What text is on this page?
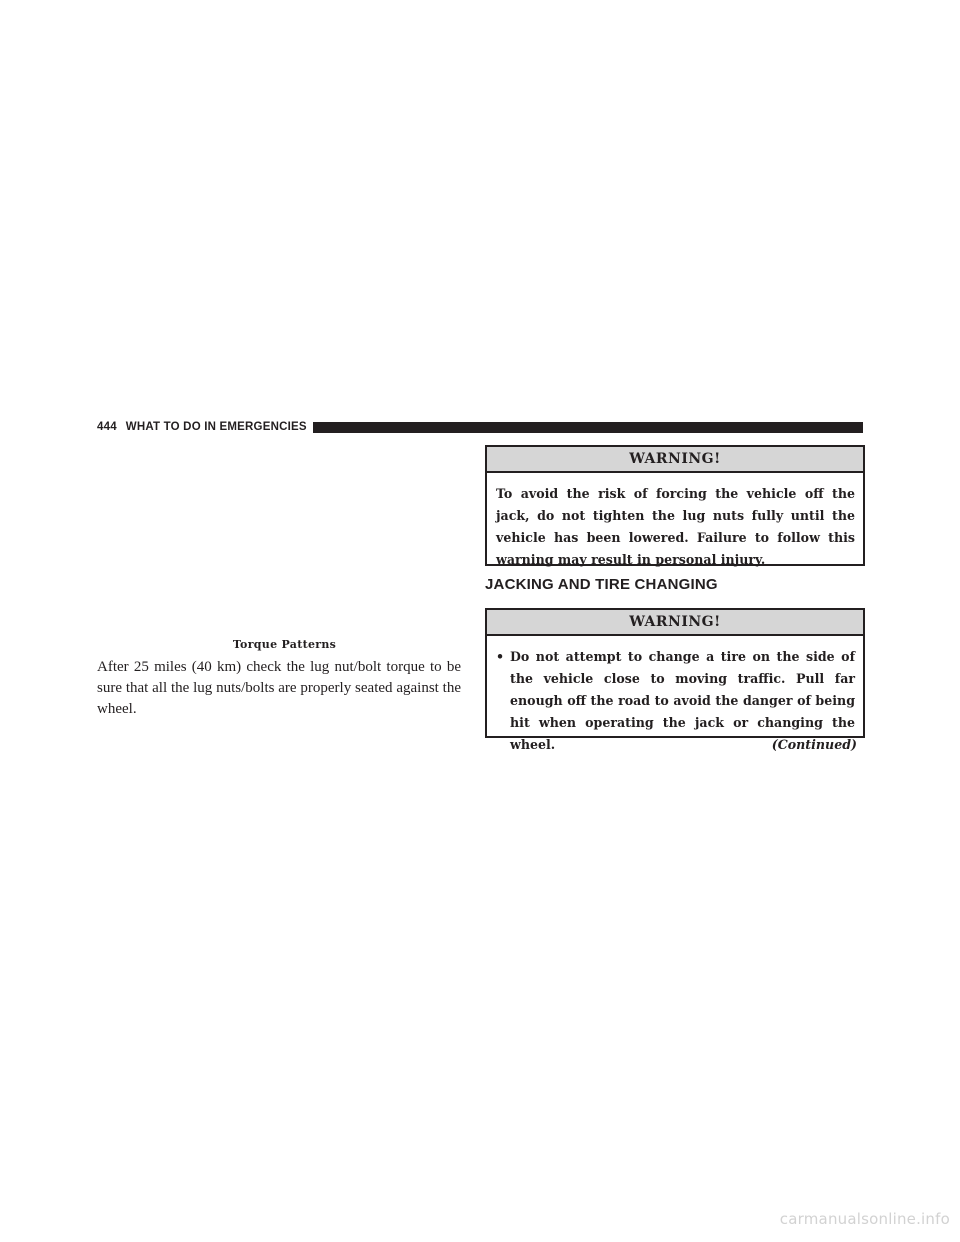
444 WHAT TO DO IN EMERGENCIES
Torque Patterns
After 25 miles (40 km) check the lug nut/bolt torque to be sure that all the lug nuts/bolts are properly seated against the wheel.
WARNING!
To avoid the risk of forcing the vehicle off the jack, do not tighten the lug nuts fully until the vehicle has been lowered. Failure to follow this warning may result in personal injury.
JACKING AND TIRE CHANGING
WARNING!
• Do not attempt to change a tire on the side of the vehicle close to moving traffic. Pull far enough off the road to avoid the danger of being hit when operating the jack or changing the wheel.	(Continued)
carmanualsonline.info
